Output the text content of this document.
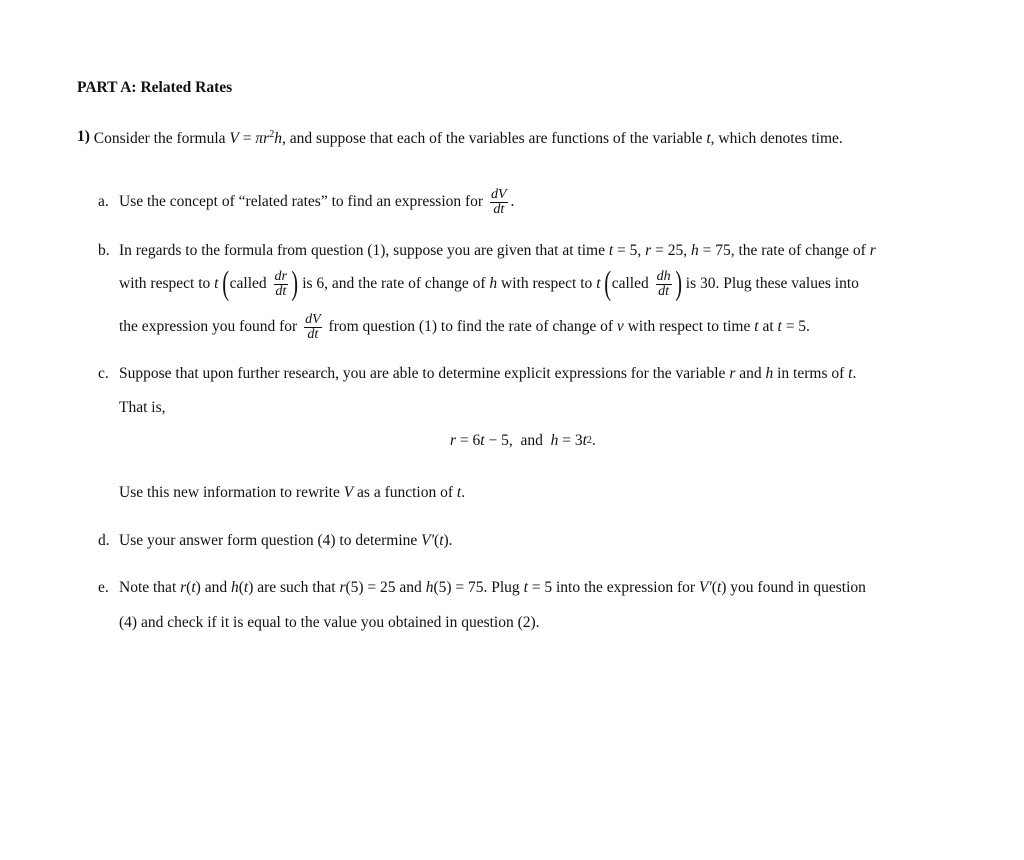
PART A: Related Rates
1) Consider the formula $V = \pi r^2h$, and suppose that each of the variables are functions of the variable t, which denotes time.
a. Use the concept of “related rates” to find an expression for $\frac{dV}{dt}$ .
b. In regards to the formula from question (1), suppose you are given that at time t = 5, r = 25, h = 75, the rate of change of r
with respect to t
( called $\frac{dr}{dt}$ ) is 6, and the rate of change of h with respect to t
( called $\frac{dh}{dt}$ ) is 30. Plug these values into
the expression you found for $\frac{dV}{dt}$ from question (1) to find the rate of change of v with respect to time t at t = 5.
c. Suppose that upon further research, you are able to determine explicit expressions for the variable r and h in terms of t .
That is,
r = 6 t − 5,  and h = 3 t 2 .
Use this new information to rewrite V as a function of t .
d. Use your answer form question (4) to determine V′ ( t ).
e. Note that r ( t ) and h ( t ) are such that r (5) = 25 and h (5) = 75. Plug t = 5 into the expression for V′ ( t ) you found in question
(4) and check if it is equal to the value you obtained in question (2).
